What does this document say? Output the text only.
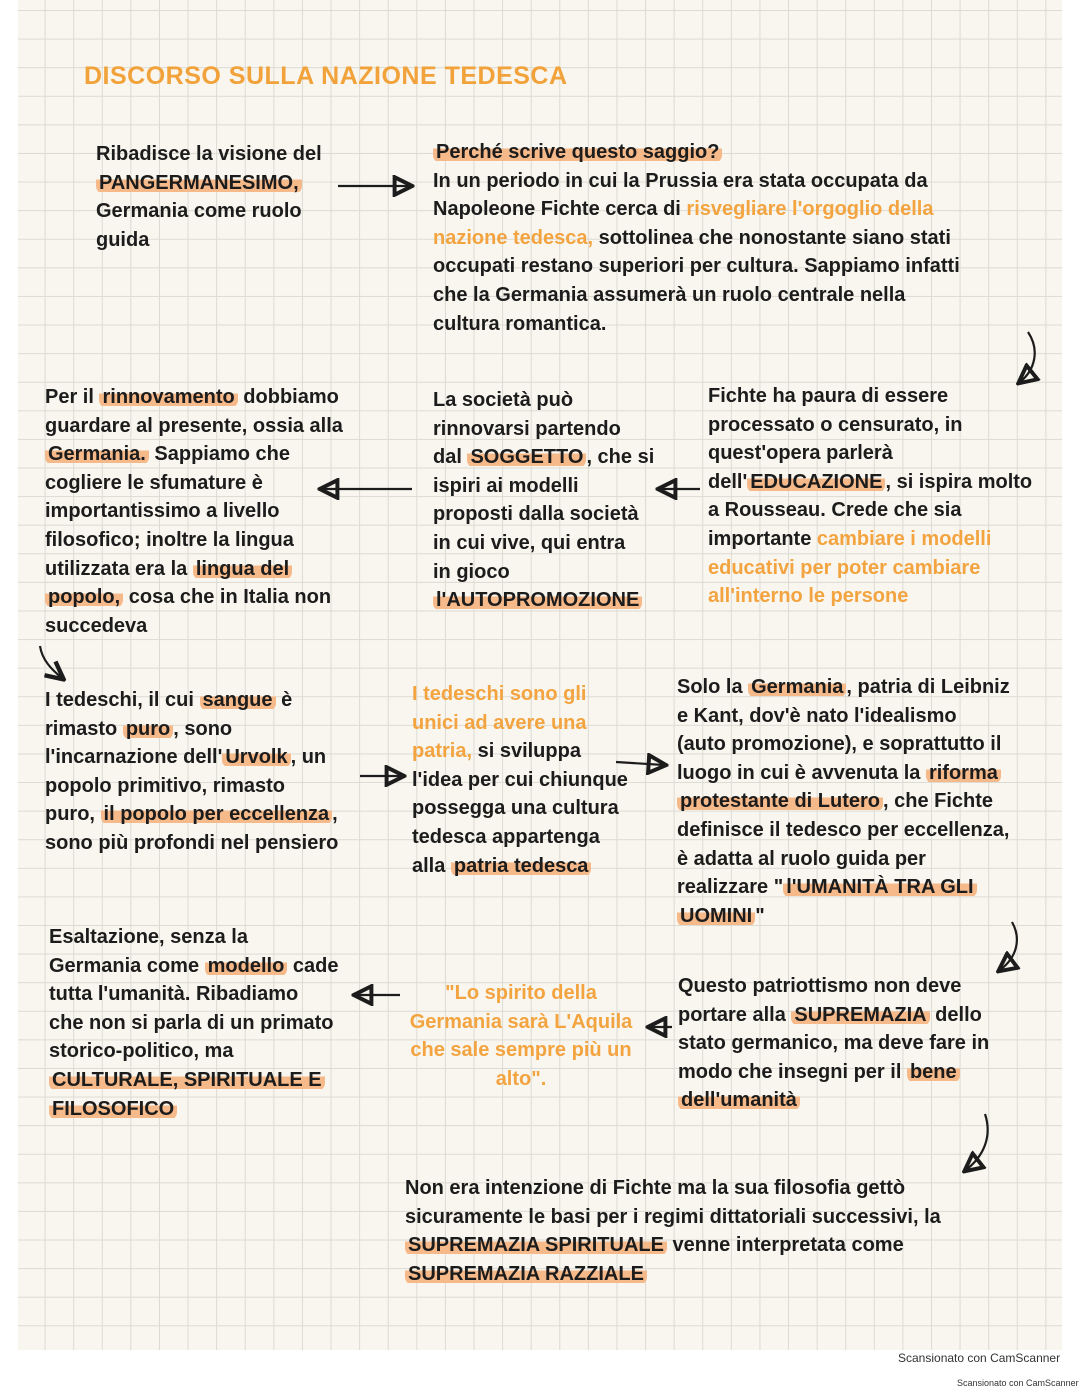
DISCORSO SULLA NAZIONE TEDESCA
Ribadisce la visione del
PANGERMANESIMO,
Germania come ruolo
guida
Perché scrive questo saggio?
In un periodo in cui la Prussia era stata occupata da
Napoleone Fichte cerca di risvegliare l'orgoglio della
nazione tedesca, sottolinea che nonostante siano stati
occupati restano superiori per cultura. Sappiamo infatti
che la Germania assumerà un ruolo centrale nella
cultura romantica.
Per il rinnovamento dobbiamo
guardare al presente, ossia alla
Germania. Sappiamo che
cogliere le sfumature è
importantissimo a livello
filosofico; inoltre la lingua
utilizzata era la lingua del
popolo, cosa che in Italia non
succedeva
La società può
rinnovarsi partendo
dal SOGGETTO , che si
ispiri ai modelli
proposti dalla società
in cui vive, qui entra
in gioco
l'AUTOPROMOZIONE
Fichte ha paura di essere
processato o censurato, in
quest'opera parlerà
dell' EDUCAZIONE , si ispira molto
a Rousseau. Crede che sia
importante cambiare i modelli
educativi per poter cambiare
all'interno le persone
I tedeschi, il cui sangue è
rimasto puro , sono
l'incarnazione dell' Urvolk , un
popolo primitivo, rimasto
puro, il popolo per eccellenza ,
sono più profondi nel pensiero
I tedeschi sono gli
unici ad avere una
patria, si sviluppa
l'idea per cui chiunque
possegga una cultura
tedesca appartenga
alla patria tedesca
Solo la Germania , patria di Leibniz
e Kant, dov'è nato l'idealismo
(auto promozione), e soprattutto il
luogo in cui è avvenuta la riforma
protestante di Lutero , che Fichte
definisce il tedesco per eccellenza,
è adatta al ruolo guida per
realizzare " l'UMANITÀ TRA GLI
UOMINI "
Esaltazione, senza la
Germania come modello cade
tutta l'umanità. Ribadiamo
che non si parla di un primato
storico-politico, ma
CULTURALE, SPIRITUALE E
FILOSOFICO
"Lo spirito della
Germania sarà L'Aquila
che sale sempre più un
alto".
Questo patriottismo non deve
portare alla SUPREMAZIA dello
stato germanico, ma deve fare in
modo che insegni per il bene
dell'umanità
Non era intenzione di Fichte ma la sua filosofia gettò
sicuramente le basi per i regimi dittatoriali successivi, la
SUPREMAZIA SPIRITUALE venne interpretata come
SUPREMAZIA RAZZIALE
Scansionato con CamScanner
Scansionato con CamScanner
